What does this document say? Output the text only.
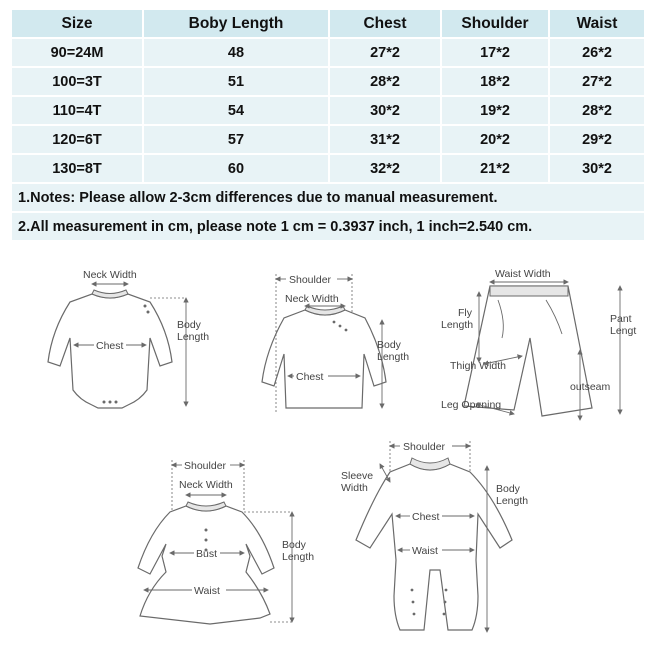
Size	Boby Length	Chest	Shoulder	Waist
90=24M	48	27*2	17*2	26*2
100=3T	51	28*2	18*2	27*2
110=4T	54	30*2	19*2	28*2
120=6T	57	31*2	20*2	29*2
130=8T	60	32*2	21*2	30*2
1.Notes: Please allow 2-3cm differences due to manual measurement.				
2.All measurement in cm, please note 1 cm = 0.3937 inch, 1 inch=2.540 cm.				
Neck Width
Chest
Body
Length
Shoulder
Neck Width
Chest
Body
Length
Waist Width
Fly
Length	Pant
Lengt
Thigh Width
outseam
Leg Opening
Shoulder
Neck Width
Bust
Waist
Body
Length
Shoulder
Sleeve
Width
Chest
Waist
Body
Length
